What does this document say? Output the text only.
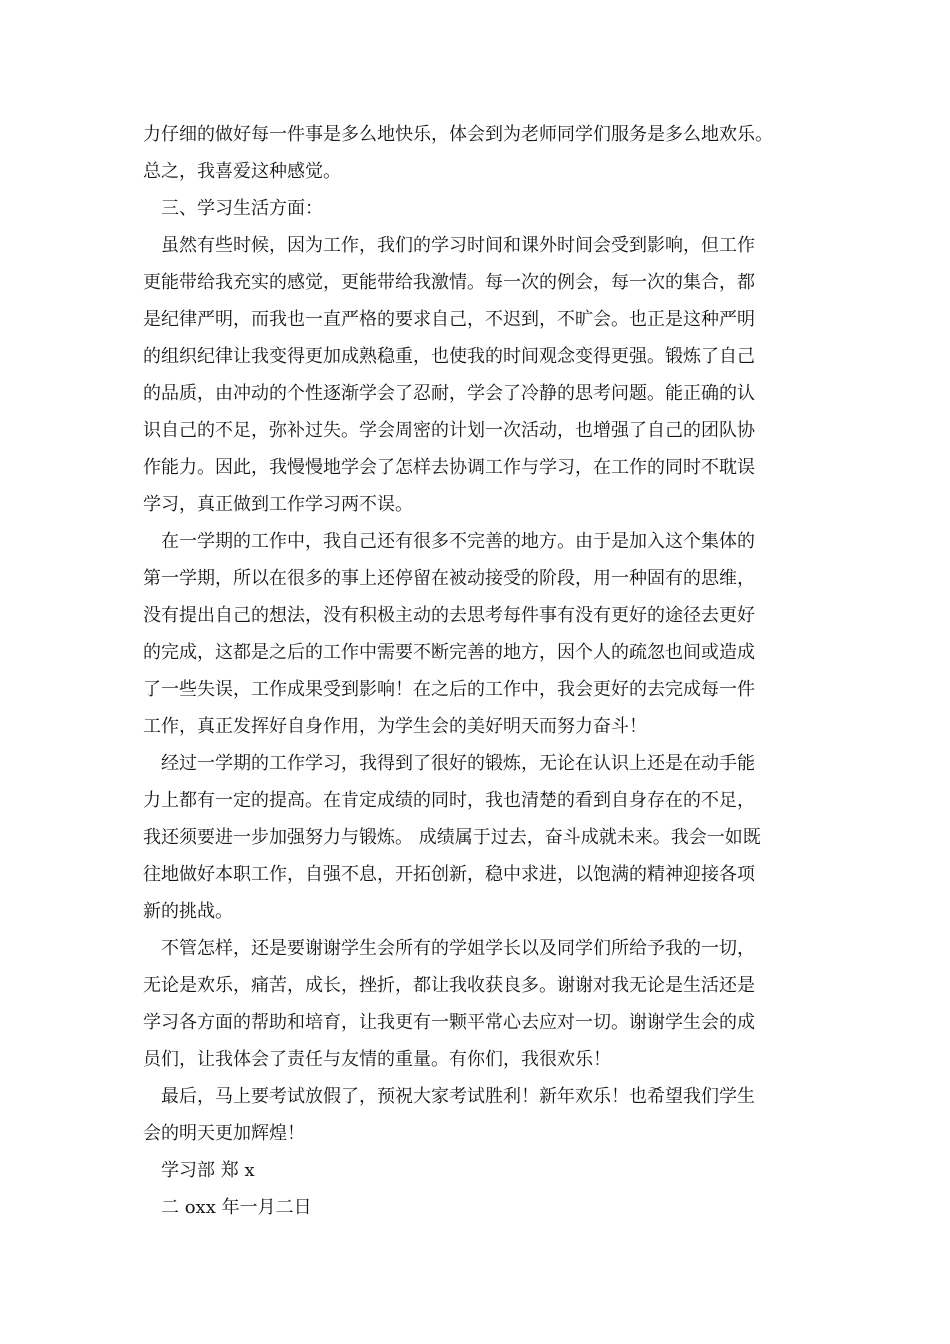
力仔细的做好每一件事是多么地快乐，体会到为老师同学们服务是多么地欢乐。
总之，我喜爱这种感觉。
　三、学习生活方面：
　虽然有些时候，因为工作，我们的学习时间和课外时间会受到影响，但工作
更能带给我充实的感觉，更能带给我激情。每一次的例会，每一次的集合，都
是纪律严明，而我也一直严格的要求自己，不迟到，不旷会。也正是这种严明
的组织纪律让我变得更加成熟稳重，也使我的时间观念变得更强。锻炼了自己
的品质，由冲动的个性逐渐学会了忍耐，学会了冷静的思考问题。能正确的认
识自己的不足，弥补过失。学会周密的计划一次活动，也增强了自己的团队协
作能力。因此，我慢慢地学会了怎样去协调工作与学习，在工作的同时不耽误
学习，真正做到工作学习两不误。
　在一学期的工作中，我自己还有很多不完善的地方。由于是加入这个集体的
第一学期，所以在很多的事上还停留在被动接受的阶段，用一种固有的思维，
没有提出自己的想法，没有积极主动的去思考每件事有没有更好的途径去更好
的完成，这都是之后的工作中需要不断完善的地方，因个人的疏忽也间或造成
了一些失误，工作成果受到影响！在之后的工作中，我会更好的去完成每一件
工作，真正发挥好自身作用，为学生会的美好明天而努力奋斗！
　经过一学期的工作学习，我得到了很好的锻炼，无论在认识上还是在动手能
力上都有一定的提高。在肯定成绩的同时，我也清楚的看到自身存在的不足，
我还须要进一步加强努力与锻炼。 成绩属于过去，奋斗成就未来。我会一如既
往地做好本职工作，自强不息，开拓创新，稳中求进，以饱满的精神迎接各项
新的挑战。
　不管怎样，还是要谢谢学生会所有的学姐学长以及同学们所给予我的一切，
无论是欢乐，痛苦，成长，挫折，都让我收获良多。谢谢对我无论是生活还是
学习各方面的帮助和培育，让我更有一颗平常心去应对一切。谢谢学生会的成
员们，让我体会了责任与友情的重量。有你们，我很欢乐！
　最后，马上要考试放假了，预祝大家考试胜利！新年欢乐！也希望我们学生
会的明天更加辉煌！
　学习部 郑 x
　二 oxx 年一月二日
